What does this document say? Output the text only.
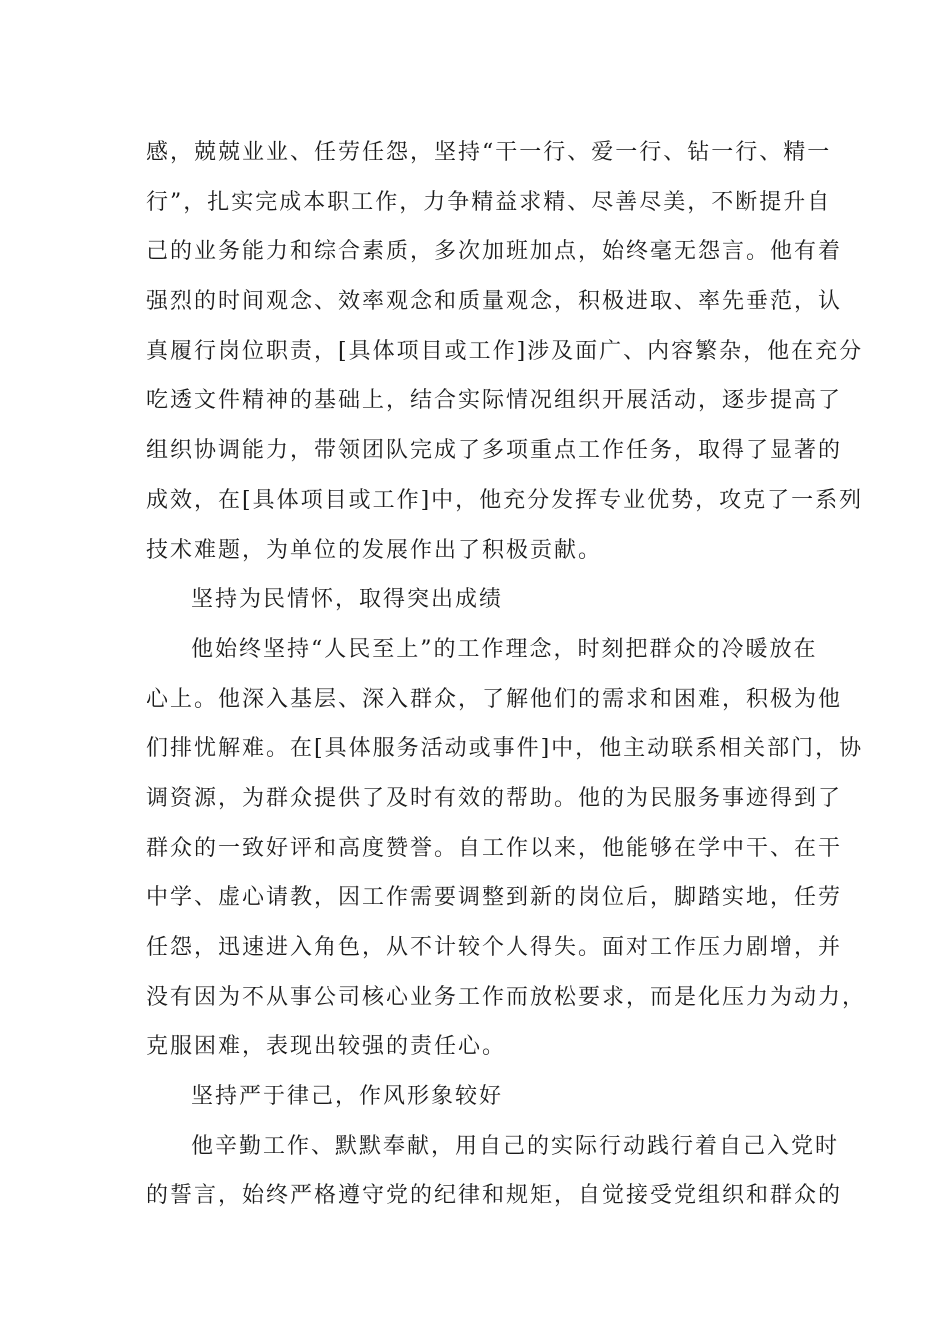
感，兢兢业业、任劳任怨，坚持“干一行、爱一行、钻一行、精一
行”，扎实完成本职工作，力争精益求精、尽善尽美，不断提升自
己的业务能力和综合素质，多次加班加点，始终毫无怨言。他有着
强烈的时间观念、效率观念和质量观念，积极进取、率先垂范，认
真履行岗位职责，[具体项目或工作]涉及面广、内容繁杂，他在充分
吃透文件精神的基础上，结合实际情况组织开展活动，逐步提高了
组织协调能力，带领团队完成了多项重点工作任务，取得了显著的
成效，在[具体项目或工作]中，他充分发挥专业优势，攻克了一系列
技术难题，为单位的发展作出了积极贡献。
坚持为民情怀，取得突出成绩
他始终坚持“人民至上”的工作理念，时刻把群众的冷暖放在
心上。他深入基层、深入群众，了解他们的需求和困难，积极为他
们排忧解难。在[具体服务活动或事件]中，他主动联系相关部门，协
调资源，为群众提供了及时有效的帮助。他的为民服务事迹得到了
群众的一致好评和高度赞誉。自工作以来，他能够在学中干、在干
中学、虚心请教，因工作需要调整到新的岗位后，脚踏实地，任劳
任怨，迅速进入角色，从不计较个人得失。面对工作压力剧增，并
没有因为不从事公司核心业务工作而放松要求，而是化压力为动力，
克服困难，表现出较强的责任心。
坚持严于律己，作风形象较好
他辛勤工作、默默奉献，用自己的实际行动践行着自己入党时
的誓言，始终严格遵守党的纪律和规矩，自觉接受党组织和群众的
